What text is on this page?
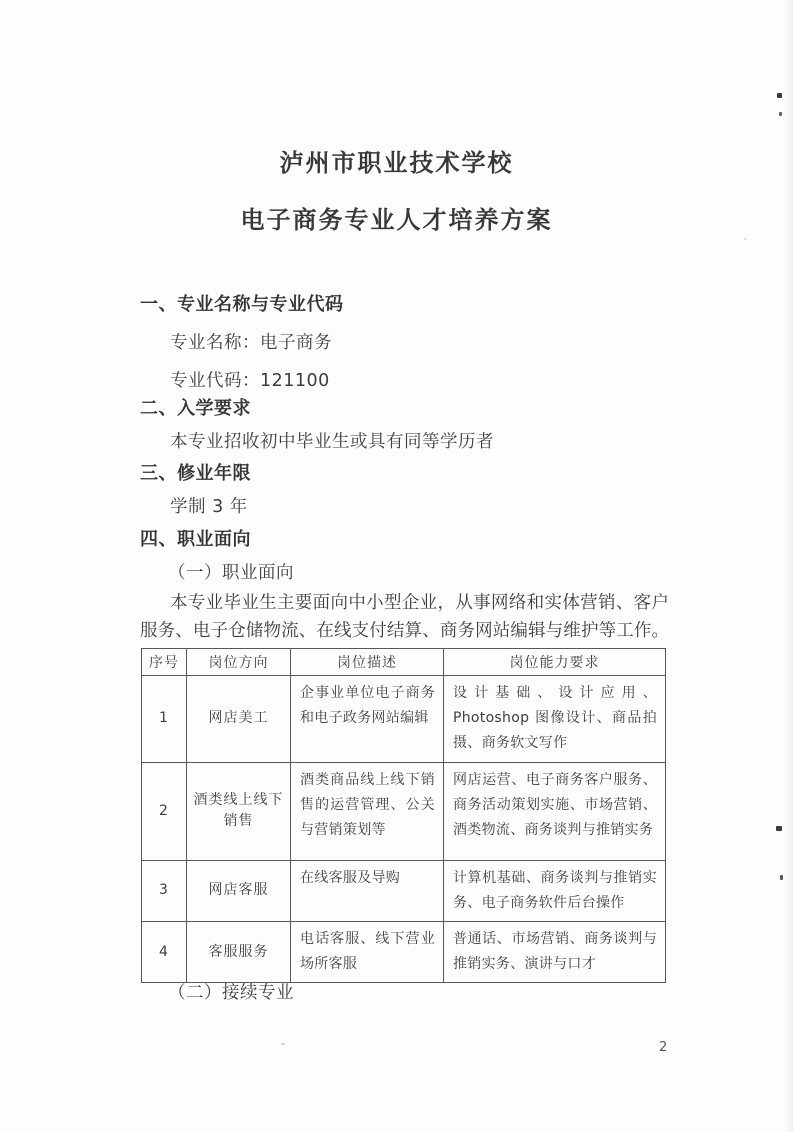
泸州市职业技术学校
电子商务专业人才培养方案
一、专业名称与专业代码
专业名称：电子商务
专业代码：121100
二、入学要求
本专业招收初中毕业生或具有同等学历者
三、修业年限
学制 3 年
四、职业面向
（一）职业面向
本专业毕业生主要面向中小型企业，从事网络和实体营销、客户
服务、电子仓储物流、在线支付结算、商务网站编辑与维护等工作。
序号	岗位方向	岗位描述	岗位能力要求
1	网店美工	企事业单位电子商务和电子政务网站编辑	设计基础、设计应用、Photoshop 图像设计、商品拍摄、商务软文写作
2	酒类线上线下销售	酒类商品线上线下销售的运营管理、公关与营销策划等	网店运营、电子商务客户服务、商务活动策划实施、市场营销、酒类物流、商务谈判与推销实务
3	网店客服	在线客服及导购	计算机基础、商务谈判与推销实务、电子商务软件后台操作
4	客服服务	电话客服、线下营业场所客服	普通话、市场营销、商务谈判与推销实务、演讲与口才
（二）接续专业
2
